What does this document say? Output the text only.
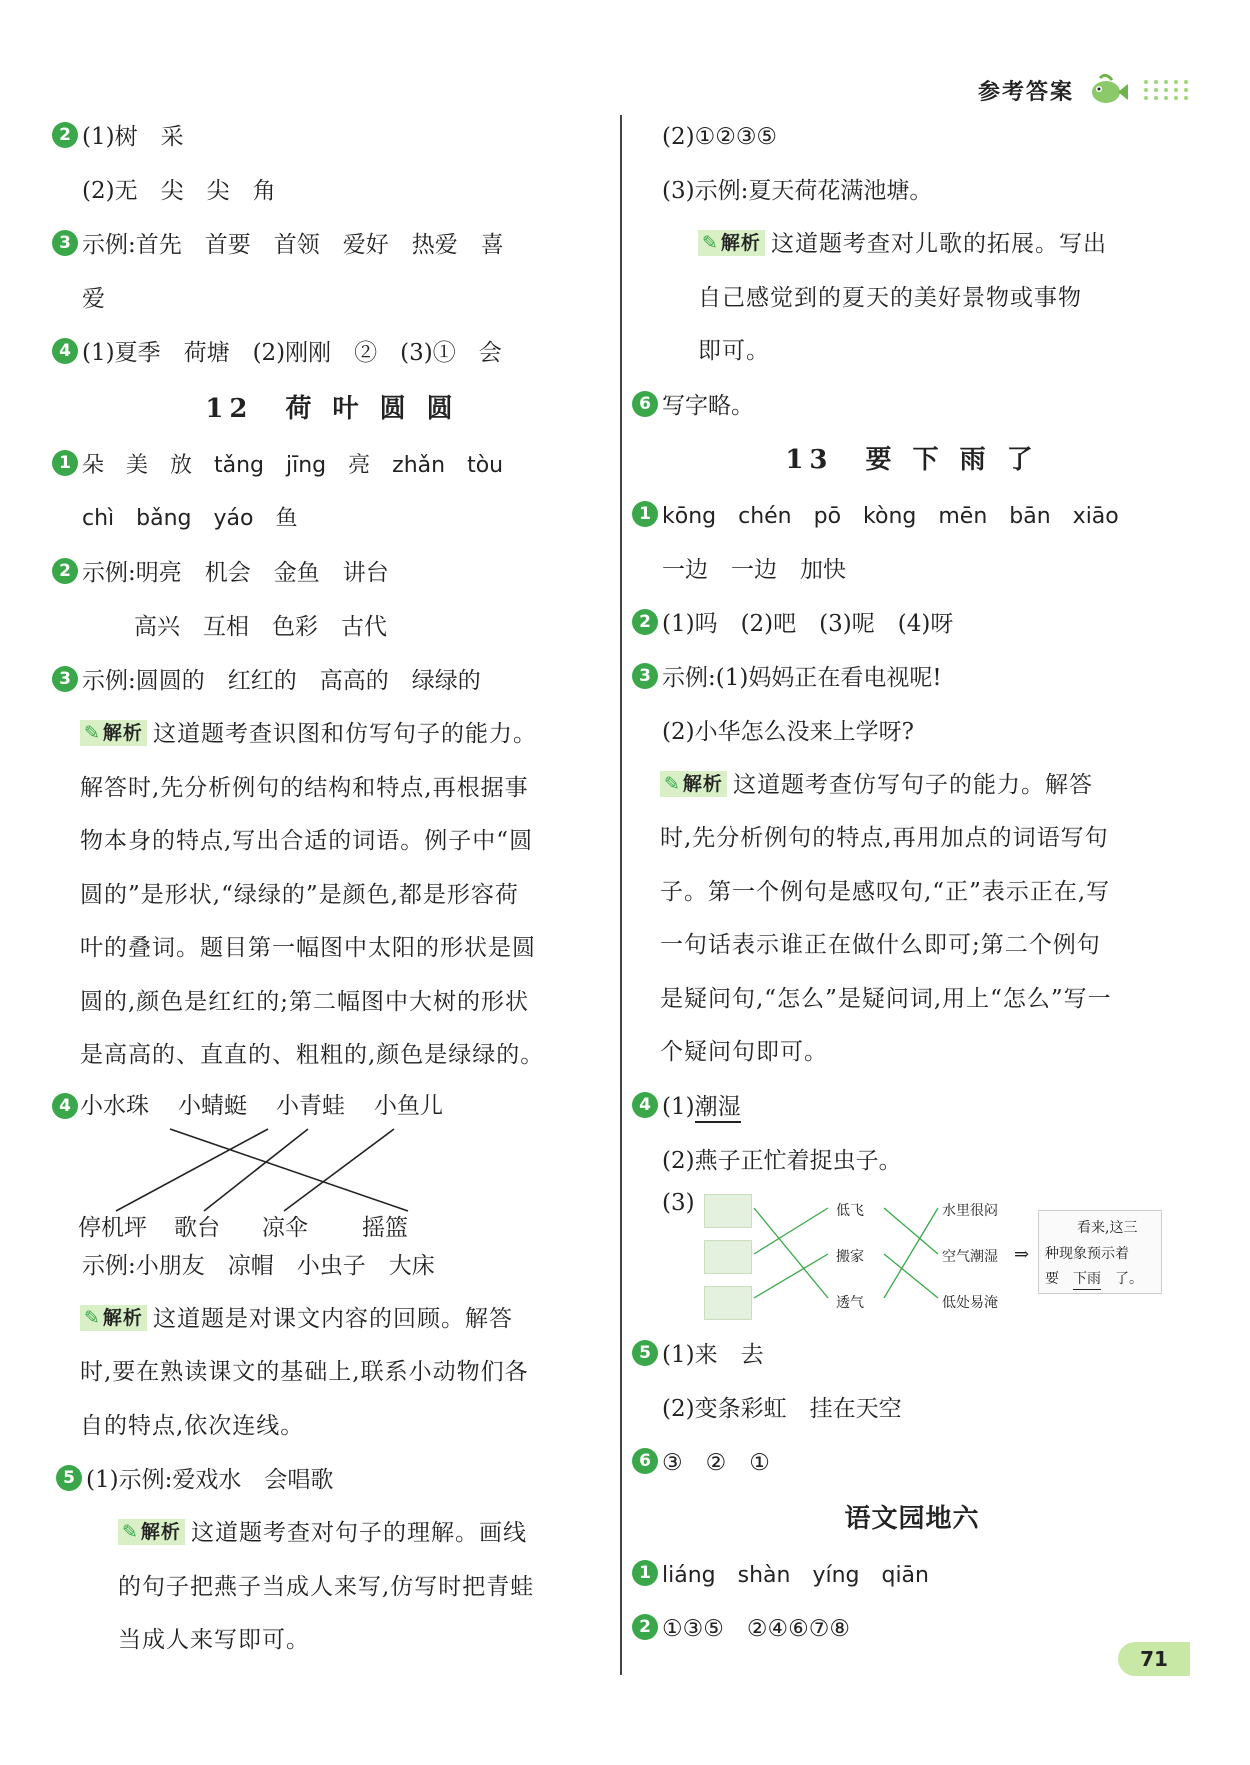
参考答案
2 (1)树　采
(2)无　尖　尖　角
3 示例:首先　首要　首领　爱好　热爱　喜
爱
4 (1)夏季　荷塘　(2)刚刚　②　(3)①　会
12　荷 叶 圆 圆
1 朵　美　放　tǎng　jīng　亮　zhǎn　tòu
chì　bǎng　yáo　鱼
2 示例:明亮　机会　金鱼　讲台
高兴　互相　色彩　古代
3 示例:圆圆的　红红的　高高的　绿绿的
✎ 解析 这道题考查识图和仿写句子的能力。
解答时,先分析例句的结构和特点,再根据事
物本身的特点,写出合适的词语。例子中“圆
圆的”是形状,“绿绿的”是颜色,都是形容荷
叶的叠词。题目第一幅图中太阳的形状是圆
圆的,颜色是红红的;第二幅图中大树的形状
是高高的、直直的、粗粗的,颜色是绿绿的。
4 小水珠 小蜻蜓 小青蛙 小鱼儿
停机坪 歌台 凉伞 摇篮
示例:小朋友　凉帽　小虫子　大床
✎ 解析 这道题是对课文内容的回顾。解答
时,要在熟读课文的基础上,联系小动物们各
自的特点,依次连线。
5 (1)示例:爱戏水　会唱歌
✎ 解析 这道题考查对句子的理解。画线
的句子把燕子当成人来写,仿写时把青蛙
当成人来写即可。
(2)①②③⑤
(3)示例:夏天荷花满池塘。
✎ 解析 这道题考查对儿歌的拓展。写出
自己感觉到的夏天的美好景物或事物
即可。
6 写字略。
13　要 下 雨 了
1 kōng　chén　pō　kòng　mēn　bān　xiāo
一边　一边　加快
2 (1)吗　(2)吧　(3)呢　(4)呀
3 示例:(1)妈妈正在看电视呢!
(2)小华怎么没来上学呀?
✎ 解析 这道题考查仿写句子的能力。解答
时,先分析例句的特点,再用加点的词语写句
子。第一个例句是感叹句,“正”表示正在,写
一句话表示谁正在做什么即可;第二个例句
是疑问句,“怎么”是疑问词,用上“怎么”写一
个疑问句即可。
4 (1)潮湿
(2)燕子正忙着捉虫子。
(3)	低飞
搬家
透气
水里很闷
空气潮湿
低处易淹
⇒
看来,这三
种现象预示着
要 下雨 了。
5 (1)来　去
(2)变条彩虹　挂在天空
6 ③　②　①
语文园地六
1 liáng　shàn　yíng　qiān
2 ①③⑤　②④⑥⑦⑧
71
